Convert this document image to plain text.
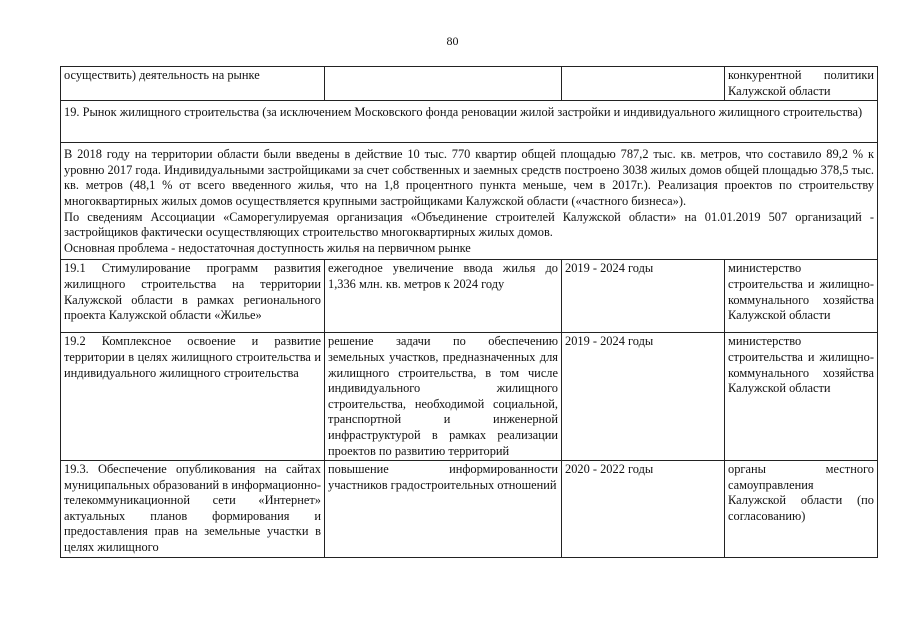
80
осуществить) деятельность на рынке			конкурентной политики Калужской области
19. Рынок жилищного строительства (за исключением Московского фонда реновации жилой застройки и индивидуального жилищного строительства)			

В 2018 году на территории области были введены в действие 10 тыс. 770 квартир общей площадью 787,2 тыс. кв. метров, что составило 89,2 % к уровню 2017 года. Индивидуальными застройщиками за счет собственных и заемных средств построено 3038 жилых домов общей площадью 378,5 тыс. кв. метров (48,1 % от всего введенного жилья, что на 1,8 процентного пункта меньше, чем в 2017г.). Реализация проектов по строительству многоквартирных жилых домов осуществляется крупными застройщиками Калужской области («частного бизнеса»).

По сведениям Ассоциации «Саморегулируемая организация «Объединение строителей Калужской области» на 01.01.2019 507 организаций - застройщиков фактически осуществляющих строительство многоквартирных жилых домов.

Основная проблема - недостаточная доступность жилья на первичном рынке			

19.1 Стимулирование программ развития жилищного строительства на территории Калужской области в рамках регионального проекта Калужской области «Жилье»	ежегодное увеличение ввода жилья до 1,336 млн. кв. метров к 2024 году	2019 - 2024 годы	министерство строительства и жилищно-коммунального хозяйства Калужской области
19.2 Комплексное освоение и развитие территории в целях жилищного строительства и индивидуального жилищного строительства	решение задачи по обеспечению земельных участков, предназначенных для жилищного строительства, в том числе индивидуального жилищного строительства, необходимой социальной, транспортной и инженерной инфраструктурой в рамках реализации проектов по развитию территорий	2019 - 2024 годы	министерство строительства и жилищно-коммунального хозяйства Калужской области
19.3. Обеспечение опубликования на сайтах муниципальных образований в информационно-телекоммуникационной сети «Интернет» актуальных планов формирования и предоставления прав на земельные участки в целях жилищного	повышение информированности участников градостроительных отношений	2020 - 2022 годы	органы местного самоуправления Калужской области (по согласованию)
